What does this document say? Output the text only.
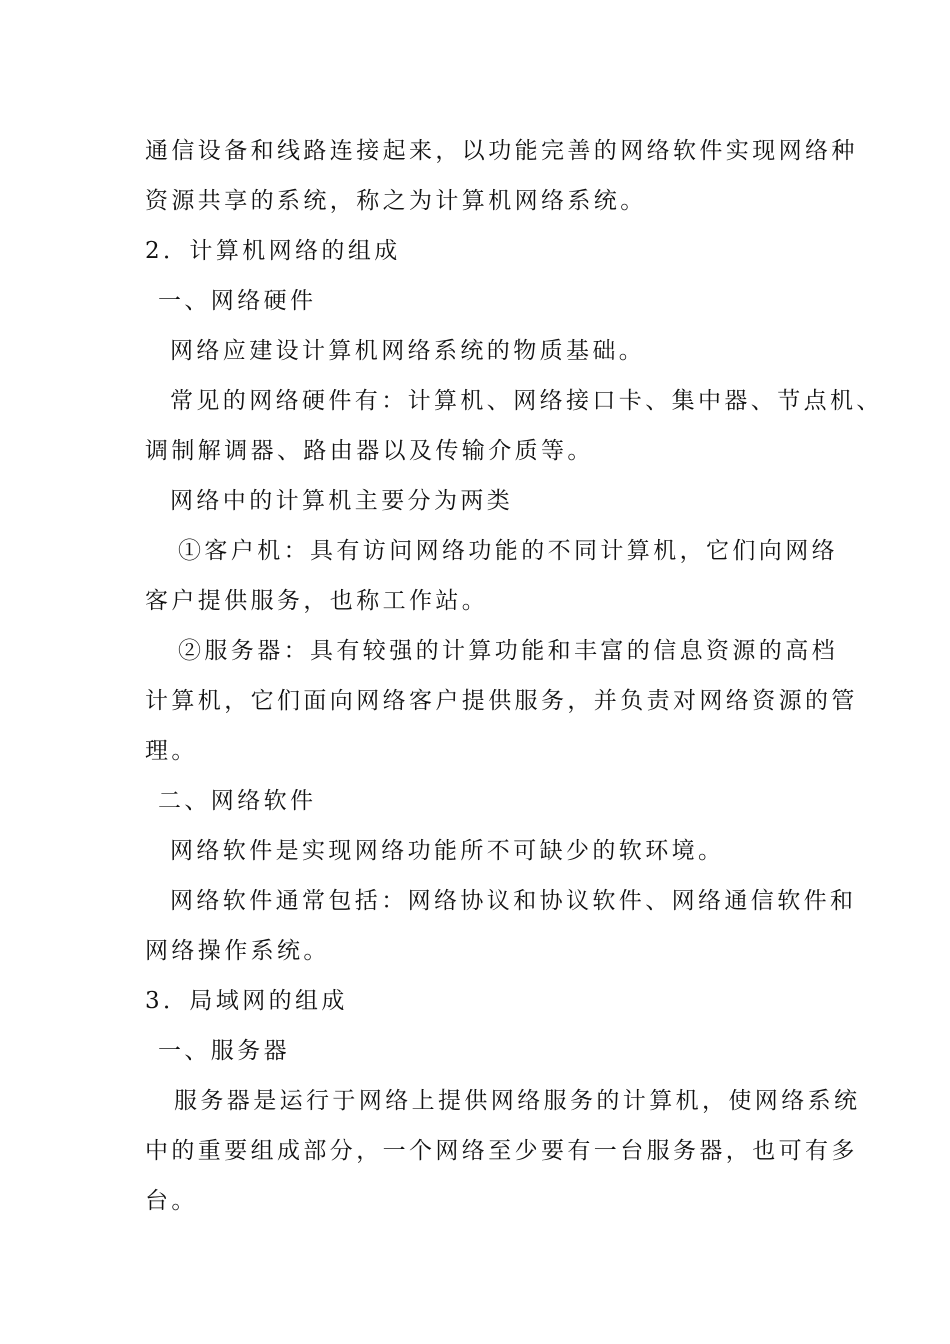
通信设备和线路连接起来，以功能完善的网络软件实现网络种
资源共享的系统，称之为计算机网络系统。
2．计算机网络的组成
一、网络硬件
网络应建设计算机网络系统的物质基础。
常见的网络硬件有：计算机、网络接口卡、集中器、节点机、
调制解调器、路由器以及传输介质等。
网络中的计算机主要分为两类
①客户机：具有访问网络功能的不同计算机，它们向网络
客户提供服务，也称工作站。
②服务器：具有较强的计算功能和丰富的信息资源的高档
计算机，它们面向网络客户提供服务，并负责对网络资源的管
理。
二、网络软件
网络软件是实现网络功能所不可缺少的软环境。
网络软件通常包括：网络协议和协议软件、网络通信软件和
网络操作系统。
3．局域网的组成
一、服务器
服务器是运行于网络上提供网络服务的计算机，使网络系统
中的重要组成部分，一个网络至少要有一台服务器，也可有多
台。
